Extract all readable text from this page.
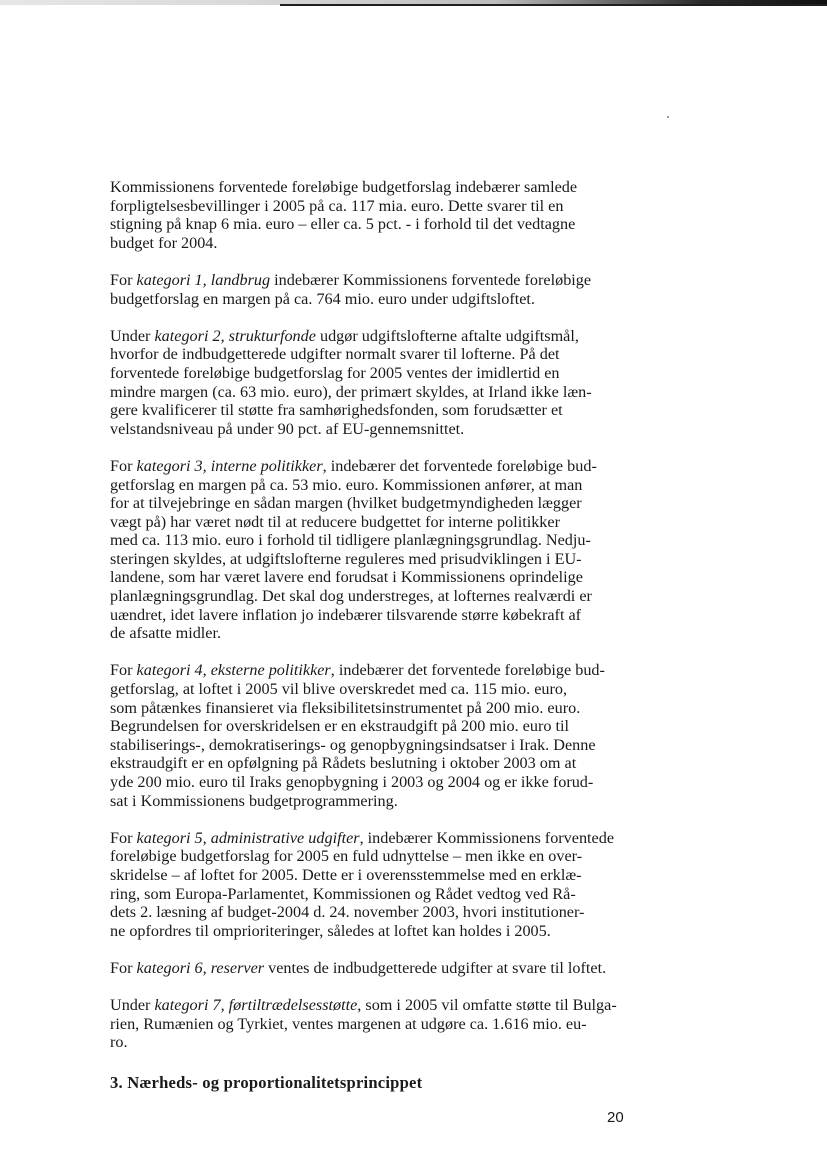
Kommissionens forventede foreløbige budgetforslag indebærer samlede
forpligtelsesbevillinger i 2005 på ca. 117 mia. euro. Dette svarer til en
stigning på knap 6 mia. euro – eller ca. 5 pct. - i forhold til det vedtagne
budget for 2004.

For kategori 1, landbrug indebærer Kommissionens forventede foreløbige
budgetforslag en margen på ca. 764 mio. euro under udgiftsloftet.

Under kategori 2, strukturfonde udgør udgiftslofterne aftalte udgiftsmål,
hvorfor de indbudgetterede udgifter normalt svarer til lofterne. På det
forventede foreløbige budgetforslag for 2005 ventes der imidlertid en
mindre margen (ca. 63 mio. euro), der primært skyldes, at Irland ikke læn-
gere kvalificerer til støtte fra samhørighedsfonden, som forudsætter et
velstandsniveau på under 90 pct. af EU-gennemsnittet.

For kategori 3, interne politikker, indebærer det forventede foreløbige bud-
getforslag en margen på ca. 53 mio. euro. Kommissionen anfører, at man
for at tilvejebringe en sådan margen (hvilket budgetmyndigheden lægger
vægt på) har været nødt til at reducere budgettet for interne politikker
med ca. 113 mio. euro i forhold til tidligere planlægningsgrundlag. Nedju-
steringen skyldes, at udgiftslofterne reguleres med prisudviklingen i EU-
landene, som har været lavere end forudsat i Kommissionens oprindelige
planlægningsgrundlag. Det skal dog understreges, at lofternes realværdi er
uændret, idet lavere inflation jo indebærer tilsvarende større købekraft af
de afsatte midler.

For kategori 4, eksterne politikker, indebærer det forventede foreløbige bud-
getforslag, at loftet i 2005 vil blive overskredet med ca. 115 mio. euro,
som påtænkes finansieret via fleksibilitetsinstrumentet på 200 mio. euro.
Begrundelsen for overskridelsen er en ekstraudgift på 200 mio. euro til
stabiliserings-, demokratiserings- og genopbygningsindsatser i Irak. Denne
ekstraudgift er en opfølgning på Rådets beslutning i oktober 2003 om at
yde 200 mio. euro til Iraks genopbygning i 2003 og 2004 og er ikke forud-
sat i Kommissionens budgetprogrammering.

For kategori 5, administrative udgifter, indebærer Kommissionens forventede
foreløbige budgetforslag for 2005 en fuld udnyttelse – men ikke en over-
skridelse – af loftet for 2005. Dette er i overensstemmelse med en erklæ-
ring, som Europa-Parlamentet, Kommissionen og Rådet vedtog ved Rå-
dets 2. læsning af budget-2004 d. 24. november 2003, hvori institutioner-
ne opfordres til omprioriteringer, således at loftet kan holdes i 2005.

For kategori 6, reserver ventes de indbudgetterede udgifter at svare til loftet.

Under kategori 7, førtiltrædelsesstøtte, som i 2005 vil omfatte støtte til Bulga-
rien, Rumænien og Tyrkiet, ventes margenen at udgøre ca. 1.616 mio. eu-
ro.

3. Nærheds- og proportionalitetsprincippet
20
